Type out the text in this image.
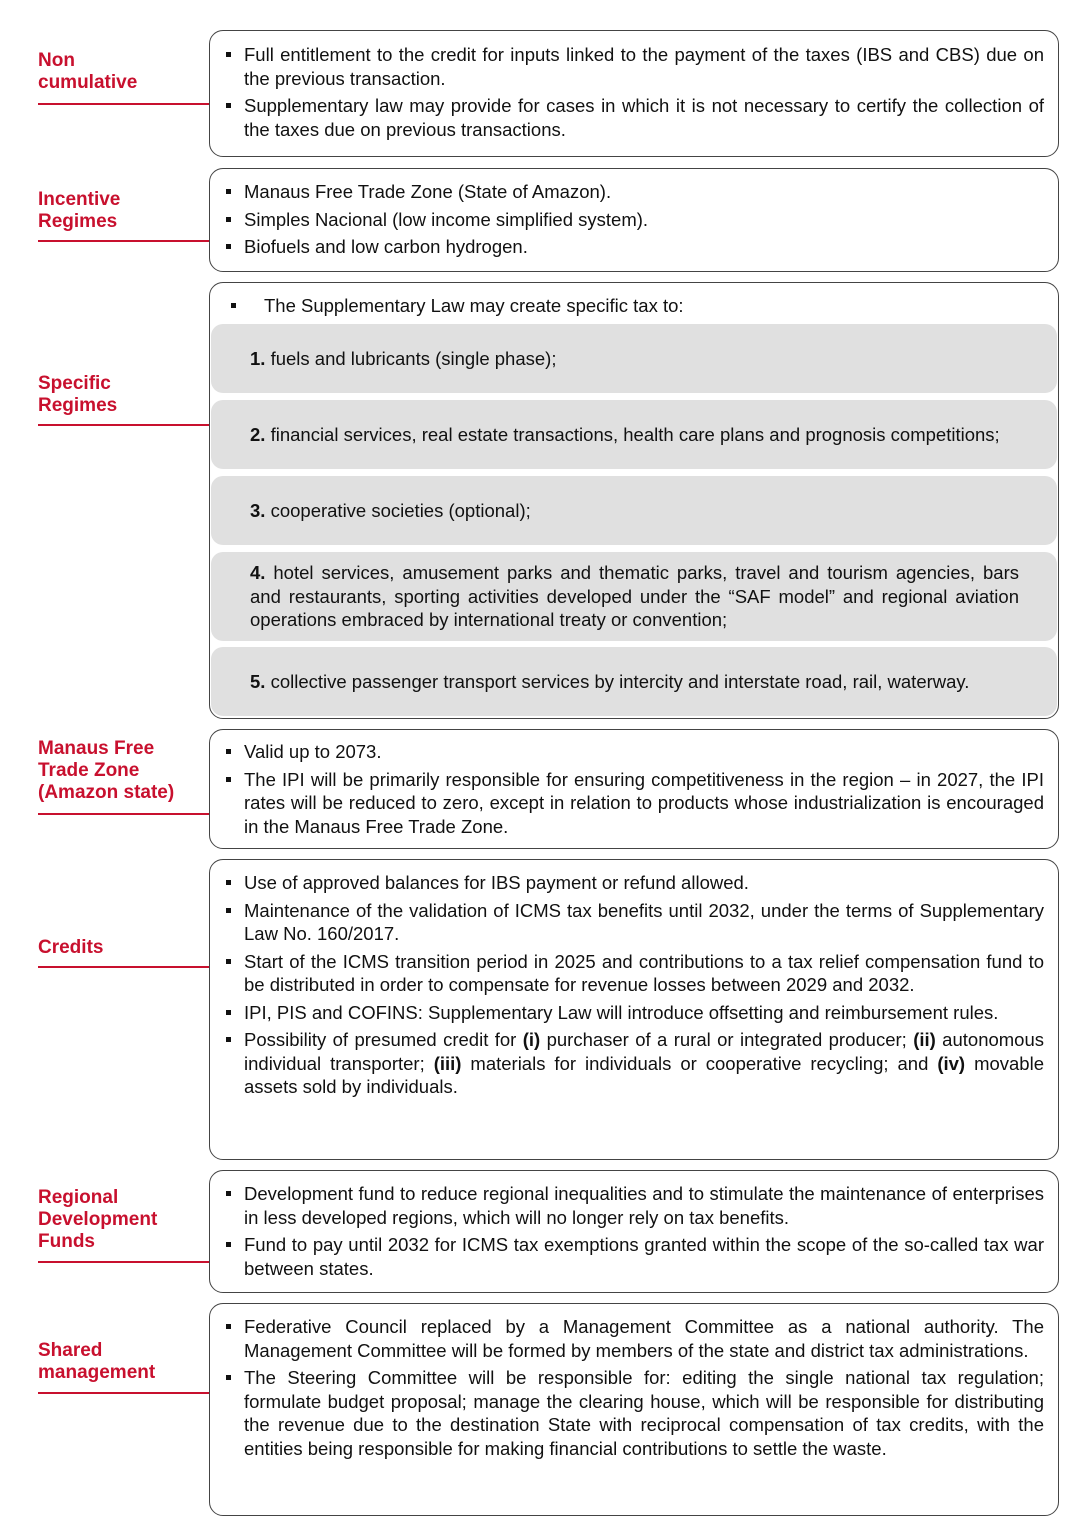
Non
cumulative
Full entitlement to the credit for inputs linked to the payment of the taxes (IBS and CBS) due on the previous transaction.
Supplementary law may provide for cases in which it is not necessary to certify the collection of the taxes due on previous transactions.
Incentive
Regimes
Manaus Free Trade Zone (State of Amazon).
Simples Nacional (low income simplified system).
Biofuels and low carbon hydrogen.
Specific
Regimes
The Supplementary Law may create specific tax to:
1. fuels and lubricants (single phase);
2. financial services, real estate transactions, health care plans and prognosis competitions;
3. cooperative societies (optional);
4. hotel services, amusement parks and thematic parks, travel and tourism agencies, bars and restaurants, sporting activities developed under the “SAF model” and regional aviation operations embraced by international treaty or convention;
5. collective passenger transport services by intercity and interstate road, rail, waterway.
Manaus Free
Trade Zone
(Amazon state)
Valid up to 2073.
The IPI will be primarily responsible for ensuring competitiveness in the region – in 2027, the IPI rates will be reduced to zero, except in relation to products whose industrialization is encouraged in the Manaus Free Trade Zone.
Credits
Use of approved balances for IBS payment or refund allowed.
Maintenance of the validation of ICMS tax benefits until 2032, under the terms of Supplementary Law No. 160/2017.
Start of the ICMS transition period in 2025 and contributions to a tax relief compensation fund to be distributed in order to compensate for revenue losses between 2029 and 2032.
IPI, PIS and COFINS: Supplementary Law will introduce offsetting and reimbursement rules.
Possibility of presumed credit for (i) purchaser of a rural or integrated producer; (ii) autonomous individual transporter; (iii) materials for individuals or cooperative recycling; and (iv) movable assets sold by individuals.
Regional
Development
Funds
Development fund to reduce regional inequalities and to stimulate the maintenance of enterprises in less developed regions, which will no longer rely on tax benefits.
Fund to pay until 2032 for ICMS tax exemptions granted within the scope of the so-called tax war between states.
Shared
management
Federative Council replaced by a Management Committee as a national authority. The Management Committee will be formed by members of the state and district tax administrations.
The Steering Committee will be responsible for: editing the single national tax regulation; formulate budget proposal; manage the clearing house, which will be responsible for distributing the revenue due to the destination State with reciprocal compensation of tax credits, with the entities being responsible for making financial contributions to settle the waste.
